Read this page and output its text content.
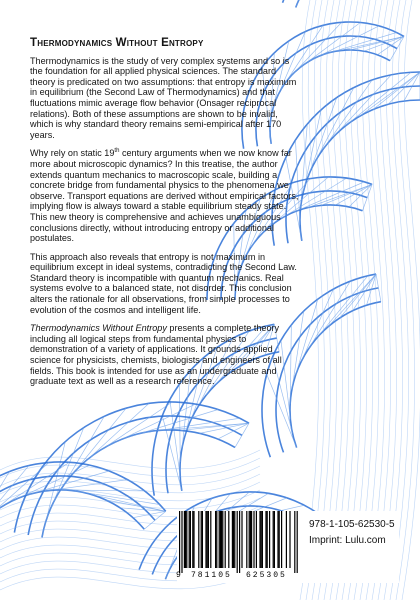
Thermodynamics Without Entropy

Thermodynamics is the study of very complex systems and so is the foundation for all applied physical sciences. The standard theory is predicated on two assumptions: that entropy is maximum in equilibrium (the Second Law of Thermodynamics) and that fluctuations mimic average flow behavior (Onsager reciprocal relations). Both of these assumptions are shown to be invalid, which is why standard theory remains semi-empirical after 170 years.

Why rely on static 19th century arguments when we now know far more about microscopic dynamics? In this treatise, the author extends quantum mechanics to macroscopic scale, building a concrete bridge from fundamental physics to the phenomena we observe. Transport equations are derived without empirical factors, implying flow is always toward a stable equilibrium steady state. This new theory is comprehensive and achieves unambiguous conclusions directly, without introducing entropy or additional postulates.

This approach also reveals that entropy is not maximum in equilibrium except in ideal systems, contradicting the Second Law. Standard theory is incompatible with quantum mechanics. Real systems evolve to a balanced state, not disorder. This conclusion alters the rationale for all observations, from simple processes to evolution of the cosmos and intelligent life.

Thermodynamics Without Entropy presents a complete theory including all logical steps from fundamental physics to demonstration of a variety of applications. It grounds applied science for physicists, chemists, biologists and engineers of all fields. This book is intended for use as an undergraduate and graduate text as well as a research reference.

9 781105 625305
978-1-105-62530-5
Imprint: Lulu.com
